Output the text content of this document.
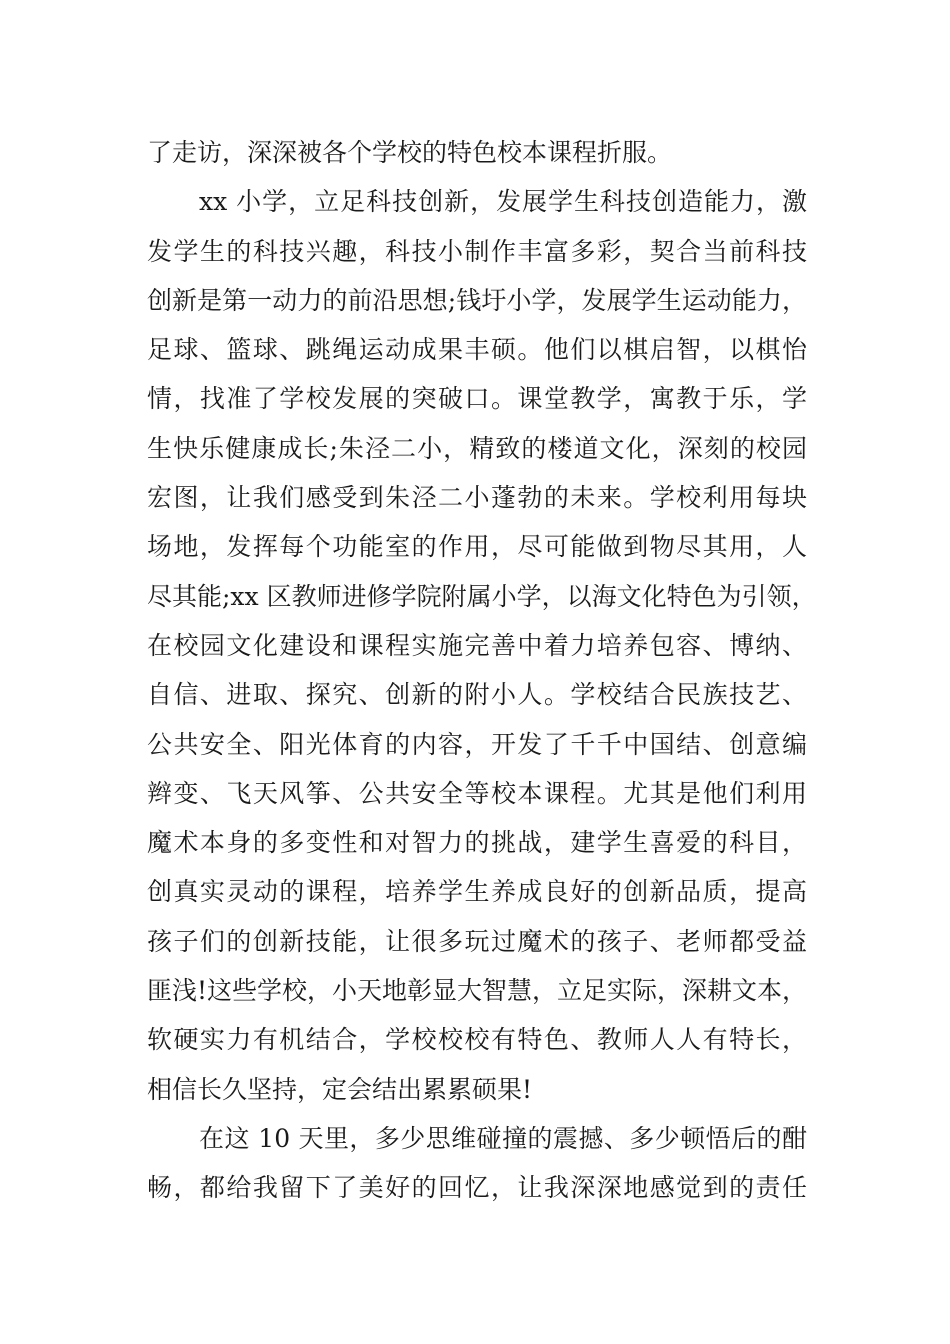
了走访，深深被各个学校的特色校本课程折服。
xx 小学，立足科技创新，发展学生科技创造能力，激
发学生的科技兴趣，科技小制作丰富多彩，契合当前科技
创新是第一动力的前沿思想;钱圩小学，发展学生运动能力，
足球、篮球、跳绳运动成果丰硕。他们以棋启智，以棋怡
情，找准了学校发展的突破口。课堂教学，寓教于乐，学
生快乐健康成长;朱泾二小，精致的楼道文化，深刻的校园
宏图，让我们感受到朱泾二小蓬勃的未来。学校利用每块
场地，发挥每个功能室的作用，尽可能做到物尽其用，人
尽其能;xx 区教师进修学院附属小学，以海文化特色为引领，
在校园文化建设和课程实施完善中着力培养包容、博纳、
自信、进取、探究、创新的附小人。学校结合民族技艺、
公共安全、阳光体育的内容，开发了千千中国结、创意编
辫变、飞天风筝、公共安全等校本课程。尤其是他们利用
魔术本身的多变性和对智力的挑战，建学生喜爱的科目，
创真实灵动的课程，培养学生养成良好的创新品质，提高
孩子们的创新技能，让很多玩过魔术的孩子、老师都受益
匪浅!这些学校，小天地彰显大智慧，立足实际，深耕文本，
软硬实力有机结合，学校校校有特色、教师人人有特长，
相信长久坚持，定会结出累累硕果!
在这 10 天里，多少思维碰撞的震撼、多少顿悟后的酣
畅，都给我留下了美好的回忆，让我深深地感觉到的责任
